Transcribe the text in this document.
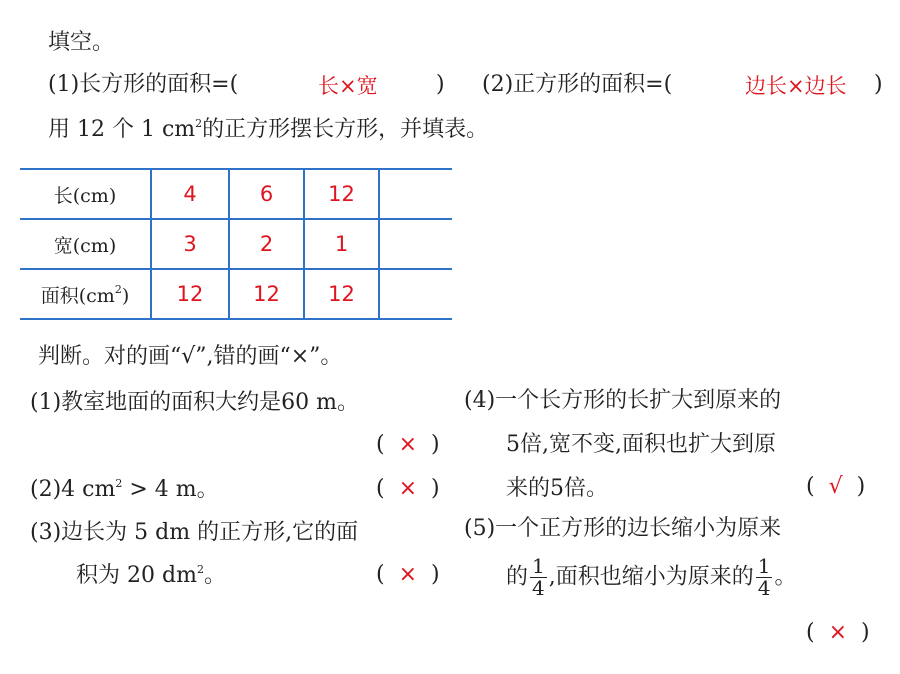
填空。
(1)长方形的面积=(	长×宽	) (2)正方形的面积=(	边长×边长 )
用 12 个 1 $cm^2$的正方形摆长方形，并填表。
长(cm)	4	6	12	
宽(cm)	3	2	1	
面积$(cm^2)$	12	12	12	
判断。对的画“√”,错的画“×”。
(1)教室地面的面积大约是60 m。
( × )
(2)4 $cm^2 > 4$ m。	( × )
(3)边长为 5 dm 的正方形,它的面
积为 20 $dm^2$。	( × )
(4)一个长方形的长扩大到原来的
5倍,宽不变,面积也扩大到原
来的5倍。	( √ )
(5)一个正方形的边长缩小为原来
的 $\frac{1}{4}$ ,面积也缩小为原来的 $\frac{1}{4}$ 。
( × )
